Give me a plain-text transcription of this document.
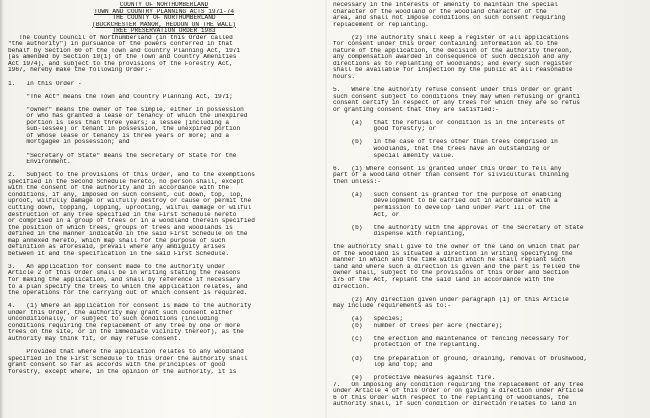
COUNTY OF NORTHUMBERLAND
TOWN AND COUNTRY PLANNING ACTS 1971-74
THE COUNTY OF NORTHUMBERLAND
(BUCKCHESTER MANOR, HEDDON ON THE WALL)
TREE PRESERVATION ORDER 1983
The County Council of Northumberland (in this Order called
"the authority") in pursuance of the powers conferred in that
behalf by Section 60 of the Town and Country Planning Act, 1971
(as amended by Section 10(1) of the Town and Country Amenities
Act 1974), and subject to the provisions of the Forestry Act,
1967, hereby make the following Order:-

1.   In this Order -

"The Act" means the Town and Country Planning Act, 1971;

"owner" means the owner of fee simple, either in possession
or who has granted a lease or tenancy of which the unexpired
portion is less than three years; a lessee (including a
sub-lessee) or tenant in possession, the unexpired portion
of whose lease or tenancy is three years or more; and a
mortgagee in possession; and

"Secretary of State" means the Secretary of State for the
Environment.

2.   Subject to the provisions of this Order, and to the exemptions
specified in the Second Schedule hereto, no person shall, except
with the consent of the authority and in accordance with the
conditions, if any, imposed on such consent, cut down, top, lop,
uproot, wilfully damage or wilfully destroy or cause or permit the
cutting down, topping, lopping, uprooting, wilful damage or wilful
destruction of any tree specified in the First Schedule hereto
or comprised in a group of trees or in a woodland therein specified
the position of which trees, groups of trees and woodlands is
defined in the manner indicated in the said First Schedule on the
map annexed hereto, which map shall for the purpose of such
definition as aforesaid, prevail where any ambiguity arises
between it and the specification in the said First Schedule.

3.   An application for consent made to the authority under
Article 2 of this Order shall be in writing stating the reasons
for making the application, and shall by reference if necessary
to a plan specify the trees to which the application relates, and
the operations for the carrying out of which consent is required.

4.   (1) Where an application for consent is made to the authority
under this Order, the authority may grant such consent either
unconditionally, or subject to such conditions (including
conditions requiring the replacement of any tree by one or more
trees on the site, or in the immediate vicinity thereof), as the
authority may think fit, or may refuse consent.

Provided that where the application relates to any woodland
specified in the First Schedule to this Order the authority shall
grant consent so far as accords with the principles of good
forestry, except where, in the opinion of the authority, it is
necessary in the interests of amenity to maintain the special
character of the woodland or the woodland character of the
area, and shall not impose conditions on such consent requiring
replacement or replanting.

(2) The authority shall keep a register of all applications
for consent under this Order containing information as to the
nature of the application, the decision of the authority thereon,
any compensation awarded in consequence of such decision and any
directions as to replanting of woodlands; and every such register
shall be available for inspection by the public at all reasonable
hours.

5.   Where the authority refuse consent under this Order or grant
such consent subject to conditions they may when refusing or granti
consent certify in respect of any trees for which they are so refus
or granting consent that they are satisfied:-

(a)   that the refusal or condition is in the interests of
good forestry; or

(b)   in the case of trees other than trees comprised in
woodlands, that the trees have an outstanding or
special amenity value.

6.   (1) Where consent is granted under this Order to fell any
part of a woodland other than consent for silvicultural thinning
then unless:-

(a)   such consent is granted for the purpose of enabling
development to be carried out in accordance with a
permission to develop land under Part III of the
Act, or

(b)   the authority with the approval of the Secretary of State
dispense with replanting,

the authority shall give to the owner of the land on which that par
of the woodland is situated a direction in writing specifying the
manner in which and the time within which he shall replant such
land and where such a direction is given and the part is felled the
owner shall, subject to the provisions of this Order and Section
175 of the Act, replant the said land in accordance with the
direction.

(2) Any direction given under paragraph (1) of this Article
may include requirements as to:-

(a)   species;
(b)   number of trees per acre (hectare);

(c)   the erection and maintenance of fencing necessary for
protection of the replanting.

(d)   the preparation of ground, draining, removal of brushwood,
lop and top; and

(e)   protective measures against fire.
7.   On imposing any condition requiring the replacement of any tree
under Article 4 of this Order or on giving a direction under Article
6 of this Order with respect to the replanting of woodlands, the
authority shall, if such condition or direction relates to land in
